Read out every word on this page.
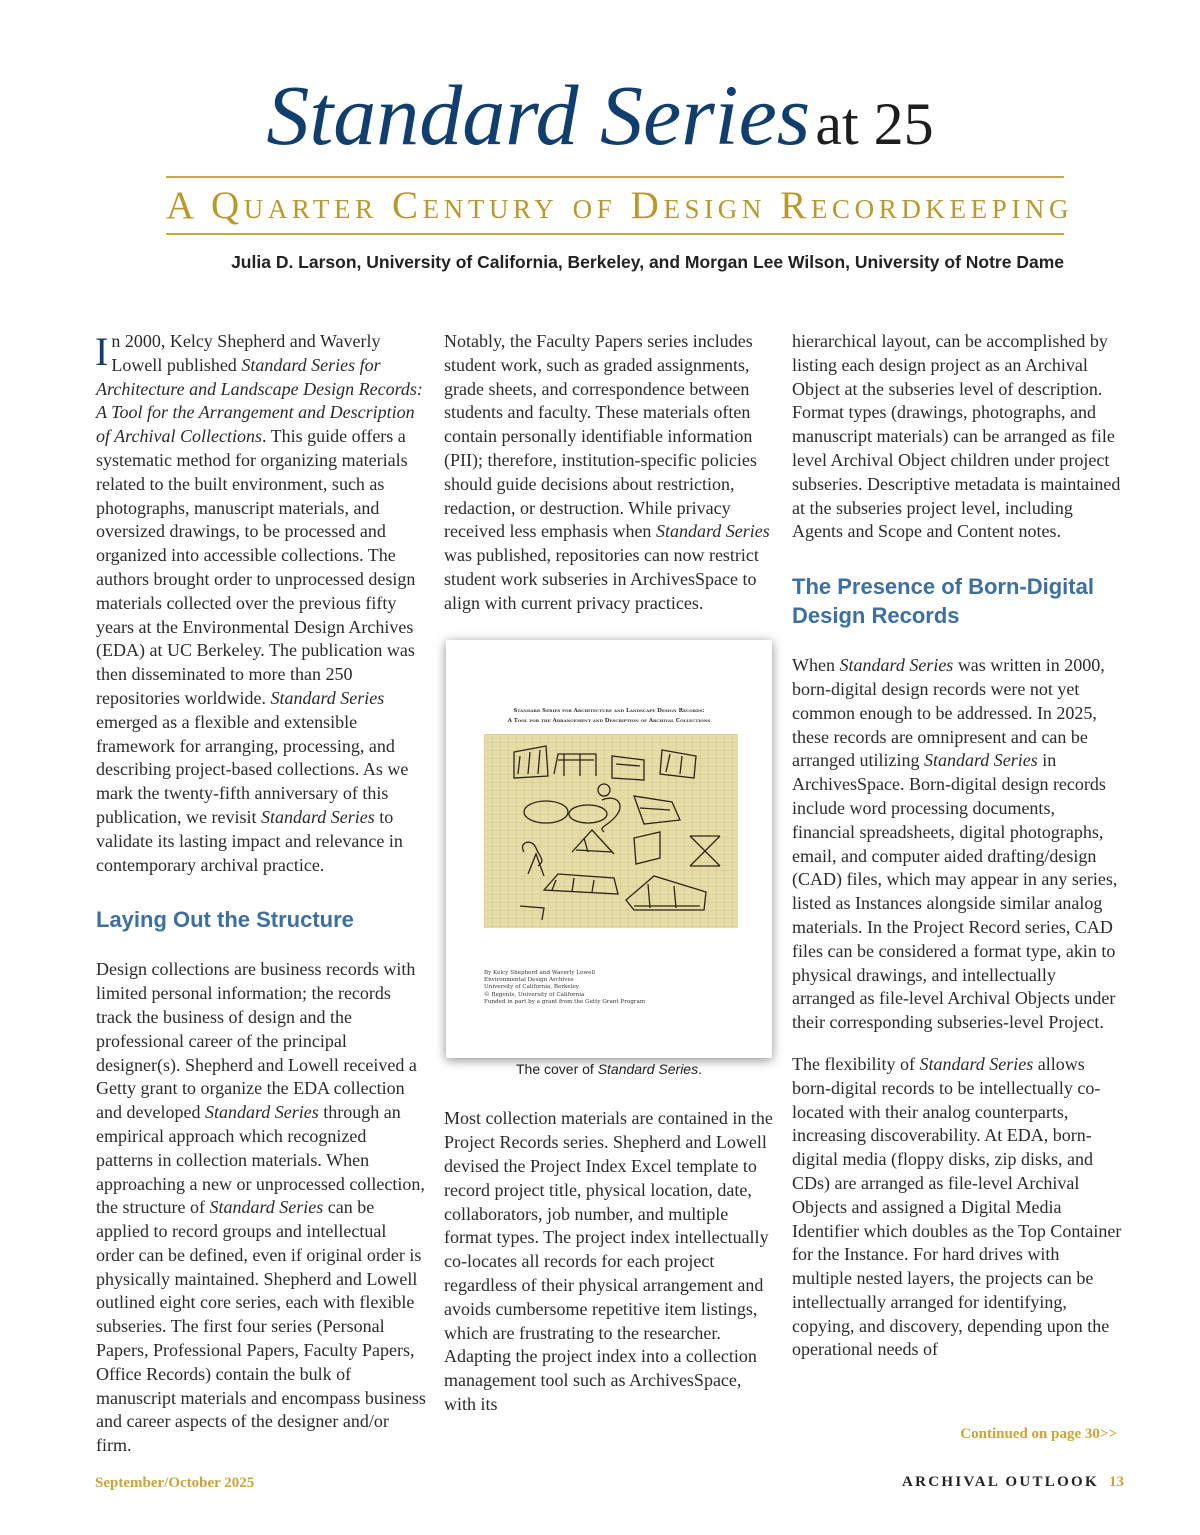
Standard Series at 25
A Quarter Century of Design Recordkeeping
Julia D. Larson, University of California, Berkeley, and Morgan Lee Wilson, University of Notre Dame

In 2000, Kelcy Shepherd and Waverly Lowell published Standard Series for Architecture and Landscape Design Records: A Tool for the Arrangement and Description of Archival Collections. This guide offers a systematic method for organizing materials related to the built environment, such as photographs, manuscript materials, and oversized drawings, to be processed and organized into accessible collections. The authors brought order to unprocessed design materials collected over the previous fifty years at the Environmental Design Archives (EDA) at UC Berkeley. The publication was then disseminated to more than 250 repositories worldwide. Standard Series emerged as a flexible and extensible framework for arranging, processing, and describing project-based collections. As we mark the twenty-fifth anniversary of this publication, we revisit Standard Series to validate its lasting impact and relevance in contemporary archival practice.

Laying Out the Structure

Design collections are business records with limited personal information; the records track the business of design and the professional career of the principal designer(s). Shepherd and Lowell received a Getty grant to organize the EDA collection and developed Standard Series through an empirical approach which recognized patterns in collection materials. When approaching a new or unprocessed collection, the structure of Standard Series can be applied to record groups and intellectual order can be defined, even if original order is physically maintained. Shepherd and Lowell outlined eight core series, each with flexible subseries. The first four series (Personal Papers, Professional Papers, Faculty Papers, Office Records) contain the bulk of manuscript materials and encompass business and career aspects of the designer and/or firm.

Notably, the Faculty Papers series includes student work, such as graded assignments, grade sheets, and correspondence between students and faculty. These materials often contain personally identifiable information (PII); therefore, institution-specific policies should guide decisions about restriction, redaction, or destruction. While privacy received less emphasis when Standard Series was published, repositories can now restrict student work subseries in ArchivesSpace to align with current privacy practices.

Standard Series for Architecture and Landscape Design Records:
A Tool for the Arrangement and Description of Archival Collections
By Kelcy Shepherd and Waverly Lowell
Environmental Design Archives
University of California, Berkeley
© Regents, University of California
Funded in part by a grant from the Getty Grant Program

The cover of Standard Series.

Most collection materials are contained in the Project Records series. Shepherd and Lowell devised the Project Index Excel template to record project title, physical location, date, collaborators, job number, and multiple format types. The project index intellectually co-locates all records for each project regardless of their physical arrangement and avoids cumbersome repetitive item listings, which are frustrating to the researcher. Adapting the project index into a collection management tool such as ArchivesSpace, with its

hierarchical layout, can be accomplished by listing each design project as an Archival Object at the subseries level of description. Format types (drawings, photographs, and manuscript materials) can be arranged as file level Archival Object children under project subseries. Descriptive metadata is maintained at the subseries project level, including Agents and Scope and Content notes.

The Presence of Born-Digital Design Records

When Standard Series was written in 2000, born-digital design records were not yet common enough to be addressed. In 2025, these records are omnipresent and can be arranged utilizing Standard Series in ArchivesSpace. Born-digital design records include word processing documents, financial spreadsheets, digital photographs, email, and computer aided drafting/design (CAD) files, which may appear in any series, listed as Instances alongside similar analog materials. In the Project Record series, CAD files can be considered a format type, akin to physical drawings, and intellectually arranged as file-level Archival Objects under their corresponding subseries-level Project.

The flexibility of Standard Series allows born-digital records to be intellectually co-located with their analog counterparts, increasing discoverability. At EDA, born-digital media (floppy disks, zip disks, and CDs) are arranged as file-level Archival Objects and assigned a Digital Media Identifier which doubles as the Top Container for the Instance. For hard drives with multiple nested layers, the projects can be intellectually arranged for identifying, copying, and discovery, depending upon the operational needs of

Continued on page 30>>
September/October 2025	ARCHIVAL OUTLOOK 13
